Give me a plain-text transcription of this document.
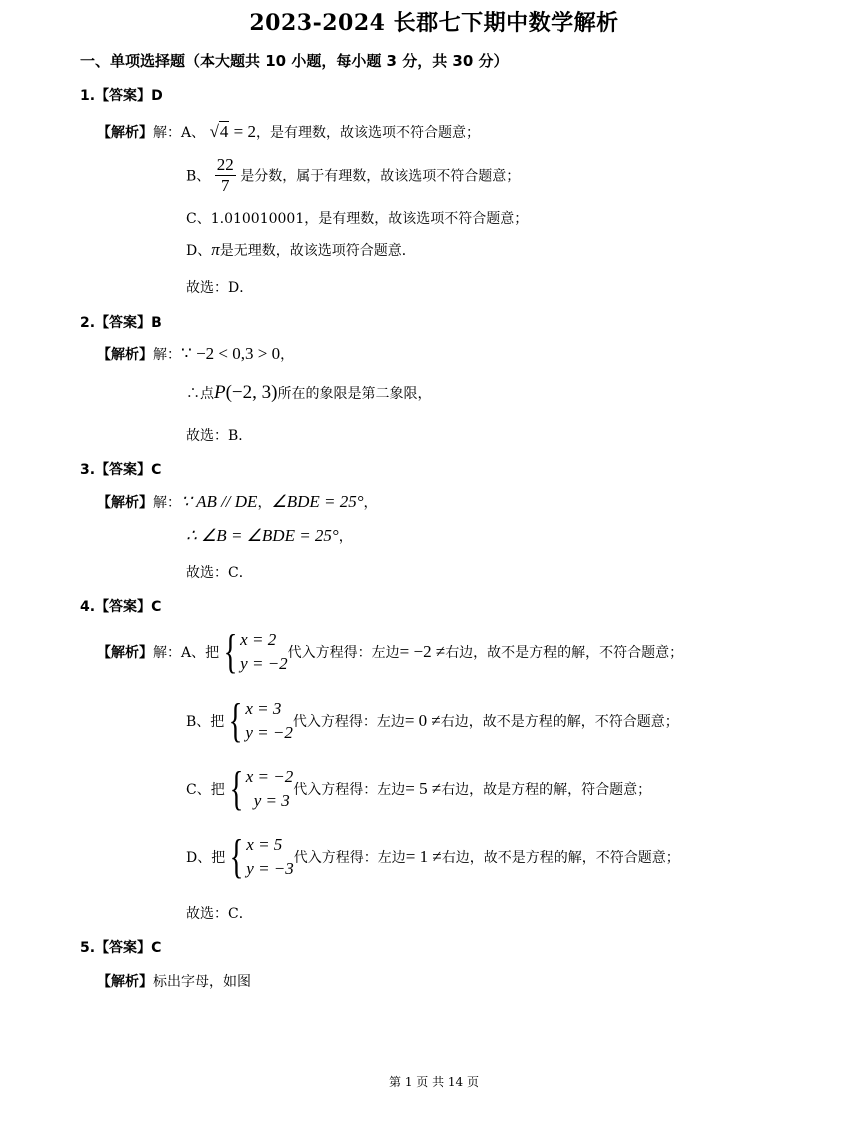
2023-2024 长郡七下期中数学解析
一、单项选择题（本大题共 10 小题，每小题 3 分，共 30 分）
1.【答案】D
【解析】解：A、 √4 = 2，是有理数，故该选项不符合题意；
B、 $\frac{22}{7}$ 是分数，属于有理数，故该选项不符合题意；
C、1.010010001，是有理数，故该选项不符合题意；
D、π是无理数，故该选项符合题意．
故选：D．
2.【答案】B
【解析】解：∵ −2 < 0,3 > 0，
∴点P(−2, 3)所在的象限是第二象限，
故选：B．
3.【答案】C
【解析】解：∵ AB // DE，∠BDE = 25°，
∴ ∠B = ∠BDE = 25°，
故选：C．
4.【答案】C
【解析】 解： A、把 { x = 2
y = −2
代入方程得：左边 = −2 ≠ 右边，故不是方程的解，不符合题意；
B、把 { x = 3
y = −2
代入方程得：左边 = 0 ≠ 右边，故不是方程的解，不符合题意；
C、把 { x = −2
y = 3
代入方程得：左边 = 5 ≠ 右边，故是方程的解，符合题意；
D、把 { x = 5
y = −3
代入方程得：左边 = 1 ≠ 右边，故不是方程的解，不符合题意；
故选：C．
5.【答案】C
【解析】标出字母，如图
第 1 页 共 14 页
